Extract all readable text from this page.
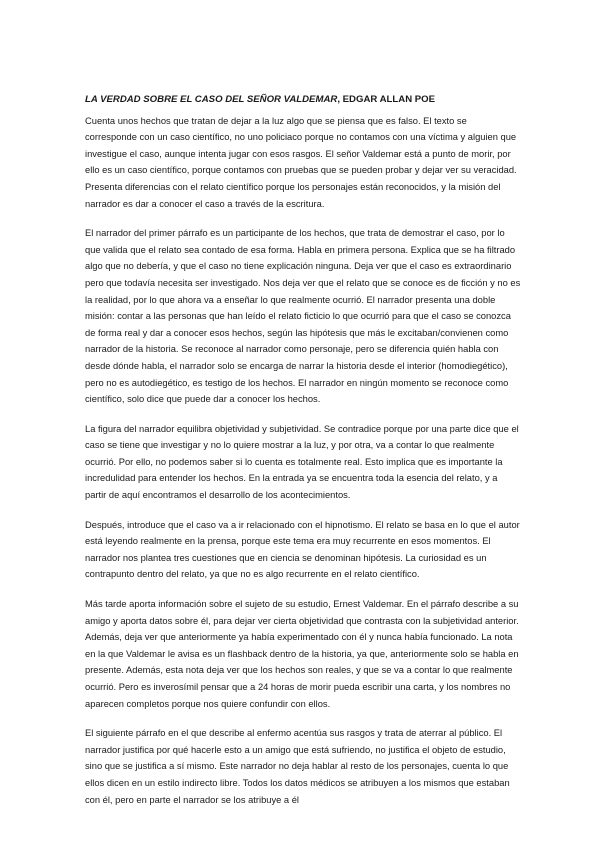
LA VERDAD SOBRE EL CASO DEL SEÑOR VALDEMAR, EDGAR ALLAN POE

Cuenta unos hechos que tratan de dejar a la luz algo que se piensa que es falso. El texto se corresponde con un caso científico, no uno policiaco porque no contamos con una víctima y alguien que investigue el caso, aunque intenta jugar con esos rasgos. El señor Valdemar está a punto de morir, por ello es un caso científico, porque contamos con pruebas que se pueden probar y dejar ver su veracidad. Presenta diferencias con el relato científico porque los personajes están reconocidos, y la misión del narrador es dar a conocer el caso a través de la escritura.

El narrador del primer párrafo es un participante de los hechos, que trata de demostrar el caso, por lo que valida que el relato sea contado de esa forma. Habla en primera persona. Explica que se ha filtrado algo que no debería, y que el caso no tiene explicación ninguna. Deja ver que el caso es extraordinario pero que todavía necesita ser investigado. Nos deja ver que el relato que se conoce es de ficción y no es la realidad, por lo que ahora va a enseñar lo que realmente ocurrió. El narrador presenta una doble misión: contar a las personas que han leído el relato ficticio lo que ocurrió para que el caso se conozca de forma real y dar a conocer esos hechos, según las hipótesis que más le excitaban/convienen como narrador de la historia. Se reconoce al narrador como personaje, pero se diferencia quién habla con desde dónde habla, el narrador solo se encarga de narrar la historia desde el interior (homodiegético), pero no es autodiegético, es testigo de los hechos. El narrador en ningún momento se reconoce como científico, solo dice que puede dar a conocer los hechos.

La figura del narrador equilibra objetividad y subjetividad. Se contradice porque por una parte dice que el caso se tiene que investigar y no lo quiere mostrar a la luz, y por otra, va a contar lo que realmente ocurrió. Por ello, no podemos saber si lo cuenta es totalmente real. Esto implica que es importante la incredulidad para entender los hechos. En la entrada ya se encuentra toda la esencia del relato, y a partir de aquí encontramos el desarrollo de los acontecimientos.

Después, introduce que el caso va a ir relacionado con el hipnotismo. El relato se basa en lo que el autor está leyendo realmente en la prensa, porque este tema era muy recurrente en esos momentos. El narrador nos plantea tres cuestiones que en ciencia se denominan hipótesis. La curiosidad es un contrapunto dentro del relato, ya que no es algo recurrente en el relato científico.

Más tarde aporta información sobre el sujeto de su estudio, Ernest Valdemar. En el párrafo describe a su amigo y aporta datos sobre él, para dejar ver cierta objetividad que contrasta con la subjetividad anterior. Además, deja ver que anteriormente ya había experimentado con él y nunca había funcionado. La nota en la que Valdemar le avisa es un flashback dentro de la historia, ya que, anteriormente solo se habla en presente. Además, esta nota deja ver que los hechos son reales, y que se va a contar lo que realmente ocurrió. Pero es inverosímil pensar que a 24 horas de morir pueda escribir una carta, y los nombres no aparecen completos porque nos quiere confundir con ellos.

El siguiente párrafo en el que describe al enfermo acentúa sus rasgos y trata de aterrar al público. El narrador justifica por qué hacerle esto a un amigo que está sufriendo, no justifica el objeto de estudio, sino que se justifica a sí mismo. Este narrador no deja hablar al resto de los personajes, cuenta lo que ellos dicen en un estilo indirecto libre. Todos los datos médicos se atribuyen a los mismos que estaban con él, pero en parte el narrador se los atribuye a él
